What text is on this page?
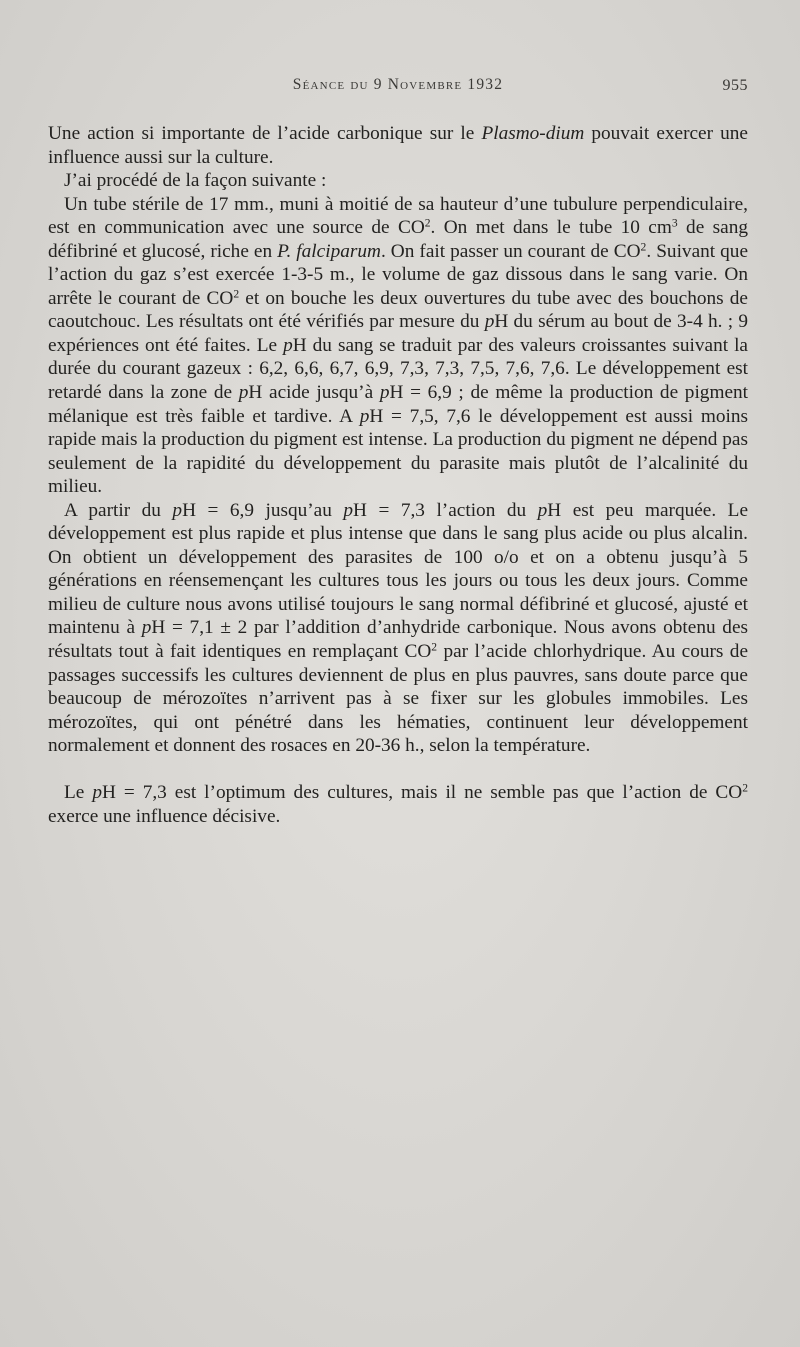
Séance du 9 Novembre 1932	955

Une action si importante de l’acide carbonique sur le Plasmo-dium pouvait exercer une influence aussi sur la culture.

J’ai procédé de la façon suivante :

Un tube stérile de 17 mm., muni à moitié de sa hauteur d’une tubulure perpendiculaire, est en communication avec une source de $CO^2$. On met dans le tube 10 $cm^3$ de sang défibriné et glucosé, riche en P. falciparum. On fait passer un courant de $CO^2$. Suivant que l’action du gaz s’est exercée 1-3-5 m., le volume de gaz dissous dans le sang varie. On arrête le courant de $CO^2$ et on bouche les deux ouvertures du tube avec des bouchons de caoutchouc. Les résultats ont été vérifiés par mesure du pH du sérum au bout de 3-4 h. ; 9 expériences ont été faites. Le pH du sang se traduit par des valeurs croissantes suivant la durée du courant gazeux : 6,2, 6,6, 6,7, 6,9, 7,3, 7,3, 7,5, 7,6, 7,6. Le développement est retardé dans la zone de pH acide jusqu’à pH = 6,9 ; de même la production de pigment mélanique est très faible et tardive. A pH = 7,5, 7,6 le développement est aussi moins rapide mais la production du pigment est intense. La production du pigment ne dépend pas seulement de la rapidité du développement du parasite mais plutôt de l’alcalinité du milieu.

A partir du pH = 6,9 jusqu’au pH = 7,3 l’action du pH est peu marquée. Le développement est plus rapide et plus intense que dans le sang plus acide ou plus alcalin. On obtient un développement des parasites de 100 o/o et on a obtenu jusqu’à 5 générations en réensemençant les cultures tous les jours ou tous les deux jours. Comme milieu de culture nous avons utilisé toujours le sang normal défibriné et glucosé, ajusté et maintenu à pH = 7,1 ± 2 par l’addition d’anhydride carbonique. Nous avons obtenu des résultats tout à fait identiques en remplaçant $CO^2$ par l’acide chlorhydrique. Au cours de passages successifs les cultures deviennent de plus en plus pauvres, sans doute parce que beaucoup de mérozoïtes n’arrivent pas à se fixer sur les globules immobiles. Les mérozoïtes, qui ont pénétré dans les hématies, continuent leur développement normalement et donnent des rosaces en 20-36 h., selon la température.

Le pH = 7,3 est l’optimum des cultures, mais il ne semble pas que l’action de $CO^2$ exerce une influence décisive.
